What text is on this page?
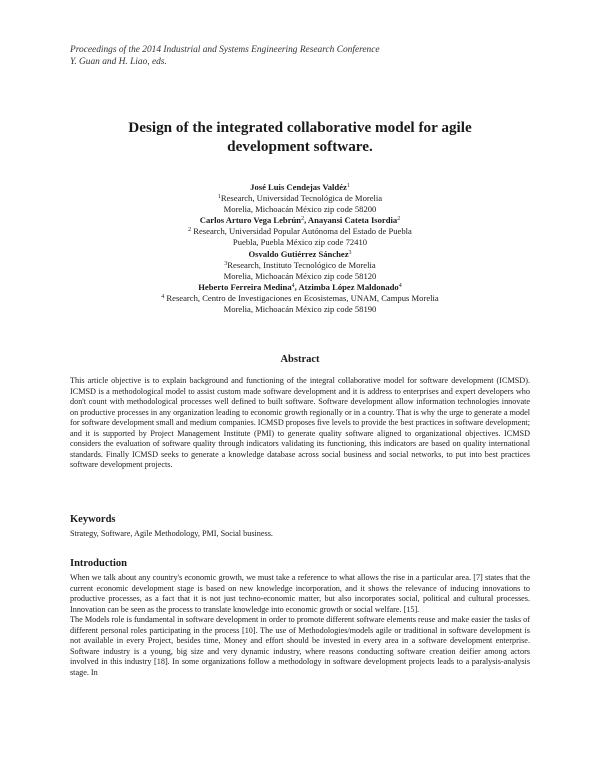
Proceedings of the 2014 Industrial and Systems Engineering Research Conference
Y. Guan and H. Liao, eds.
Design of the integrated collaborative model for agile
development software.
José Luis Cendejas Valdéz$^1$
$^1$Research, Universidad Tecnológica de Morelia
Morelia, Michoacán México zip code 58200
Carlos Arturo Vega Lebrún$^2$, Anayansi Cateta Isordia$^2$
$^2$ Research, Universidad Popular Autónoma del Estado de Puebla
Puebla, Puebla México zip code 72410
Osvaldo Gutiérrez Sánchez$^3$
$^3$Research, Instituto Tecnológico de Morelia
Morelia, Michoacán México zip code 58120
Heberto Ferreira Medina$^4$, Atzimba López Maldonado$^4$
$^4$ Research, Centro de Investigaciones en Ecosistemas, UNAM, Campus Morelia
Morelia, Michoacán México zip code 58190
Abstract
This article objective is to explain background and functioning of the integral collaborative model for software development (ICMSD). ICMSD is a methodological model to assist custom made software development and it is address to enterprises and expert developers who don't count with methodological processes well defined to built software. Software development allow information technologies innovate on productive processes in any organization leading to economic growth regionally or in a country. That is why the urge to generate a model for software development small and medium companies. ICMSD proposes five levels to provide the best practices in software development; and it is supported by Project Management Institute (PMI) to generate quality software aligned to organizational objectives. ICMSD considers the evaluation of software quality through indicators validating its functioning, this indicators are based on quality international standards. Finally ICMSD seeks to generate a knowledge database across social business and social networks, to put into best practices software development projects.
Keywords
Strategy, Software, Agile Methodology, PMI, Social business.
Introduction
When we talk about any country's economic growth, we must take a reference to what allows the rise in a particular area. [7] states that the current economic development stage is based on new knowledge incorporation, and it shows the relevance of inducing innovations to productive processes, as a fact that it is not just techno-economic matter, but also incorporates social, political and cultural processes. Innovation can be seen as the process to translate knowledge into economic growth or social welfare. [15].
The Models role is fundamental in software development in order to promote different software elements reuse and make easier the tasks of different personal roles participating in the process [10]. The use of Methodologies/models agile or traditional in software development is not available in every Project, besides time, Money and effort should be invested in every area in a software development enterprise. Software industry is a young, big size and very dynamic industry, where reasons conducting software creation deifier among actors involved in this industry [18]. In some organizations follow a methodology in software development projects leads to a paralysis-analysis stage. In
